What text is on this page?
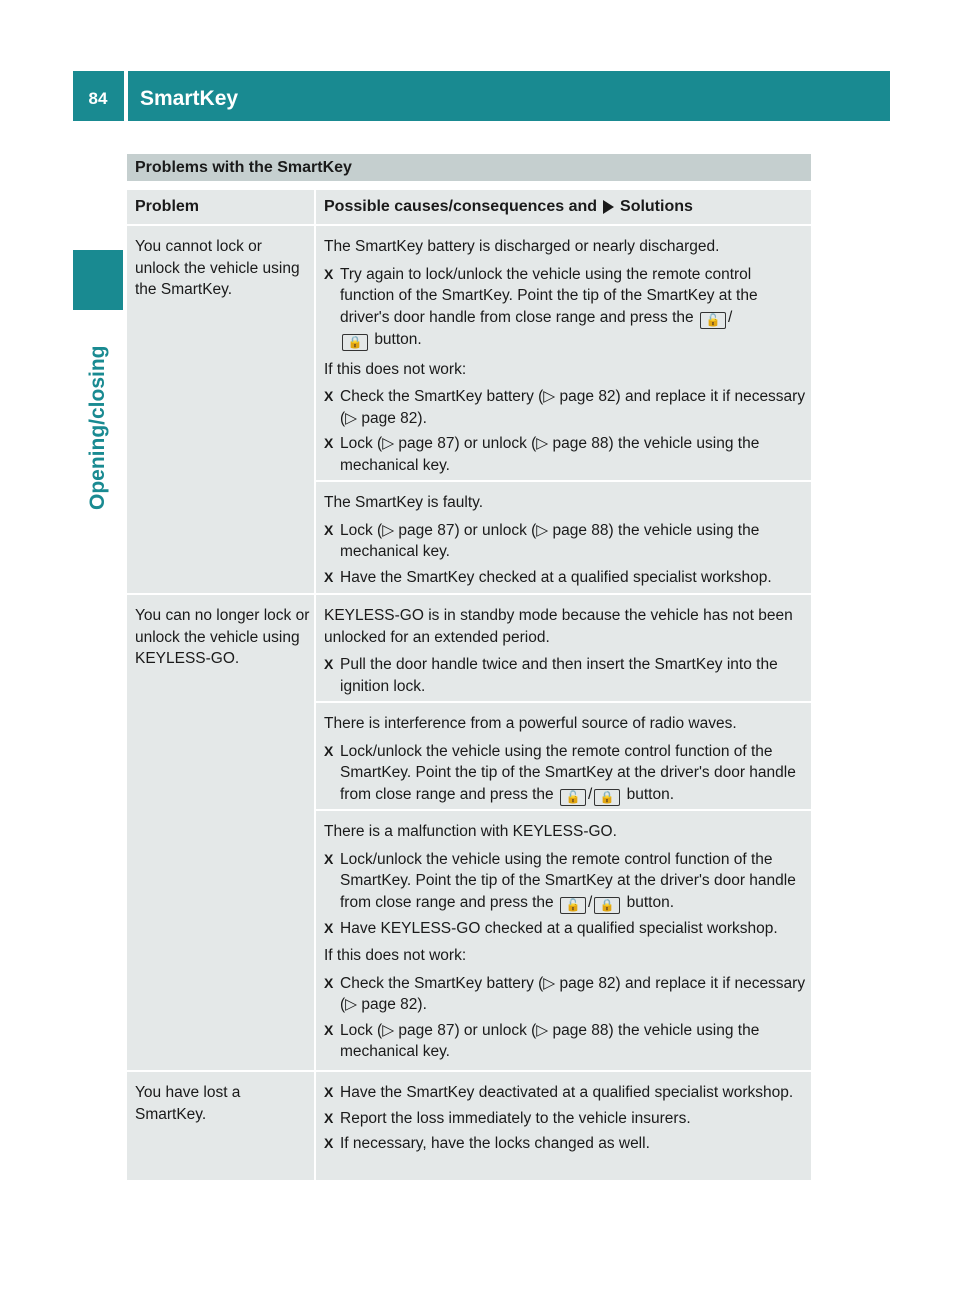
84	SmartKey
Opening/closing
Problems with the SmartKey
Problem	Possible causes/consequences and Solutions
You cannot lock or unlock the vehicle using the SmartKey.

The SmartKey battery is discharged or nearly discharged.

X Try again to lock/unlock the vehicle using the remote control function of the SmartKey. Point the tip of the SmartKey at the driver's door handle from close range and press the 🔓 /
🔒 button.

If this does not work:

X Check the SmartKey battery (▷ page 82) and replace it if necessary (▷ page 82).
X Lock (▷ page 87) or unlock (▷ page 88) the vehicle using the mechanical key.

The SmartKey is faulty.

X Lock (▷ page 87) or unlock (▷ page 88) the vehicle using the mechanical key.
X Have the SmartKey checked at a qualified specialist workshop.
You can no longer lock or unlock the vehicle using KEYLESS-GO.

KEYLESS-GO is in standby mode because the vehicle has not been unlocked for an extended period.

X Pull the door handle twice and then insert the SmartKey into the ignition lock.

There is interference from a powerful source of radio waves.

X Lock/unlock the vehicle using the remote control function of the SmartKey. Point the tip of the SmartKey at the driver's door handle from close range and press the 🔓 / 🔒 button.

There is a malfunction with KEYLESS-GO.

X Lock/unlock the vehicle using the remote control function of the SmartKey. Point the tip of the SmartKey at the driver's door handle from close range and press the 🔓 / 🔒 button.
X Have KEYLESS-GO checked at a qualified specialist workshop.

If this does not work:

X Check the SmartKey battery (▷ page 82) and replace it if necessary (▷ page 82).
X Lock (▷ page 87) or unlock (▷ page 88) the vehicle using the mechanical key.
You have lost a SmartKey.
X Have the SmartKey deactivated at a qualified specialist workshop.
X Report the loss immediately to the vehicle insurers.
X If necessary, have the locks changed as well.
